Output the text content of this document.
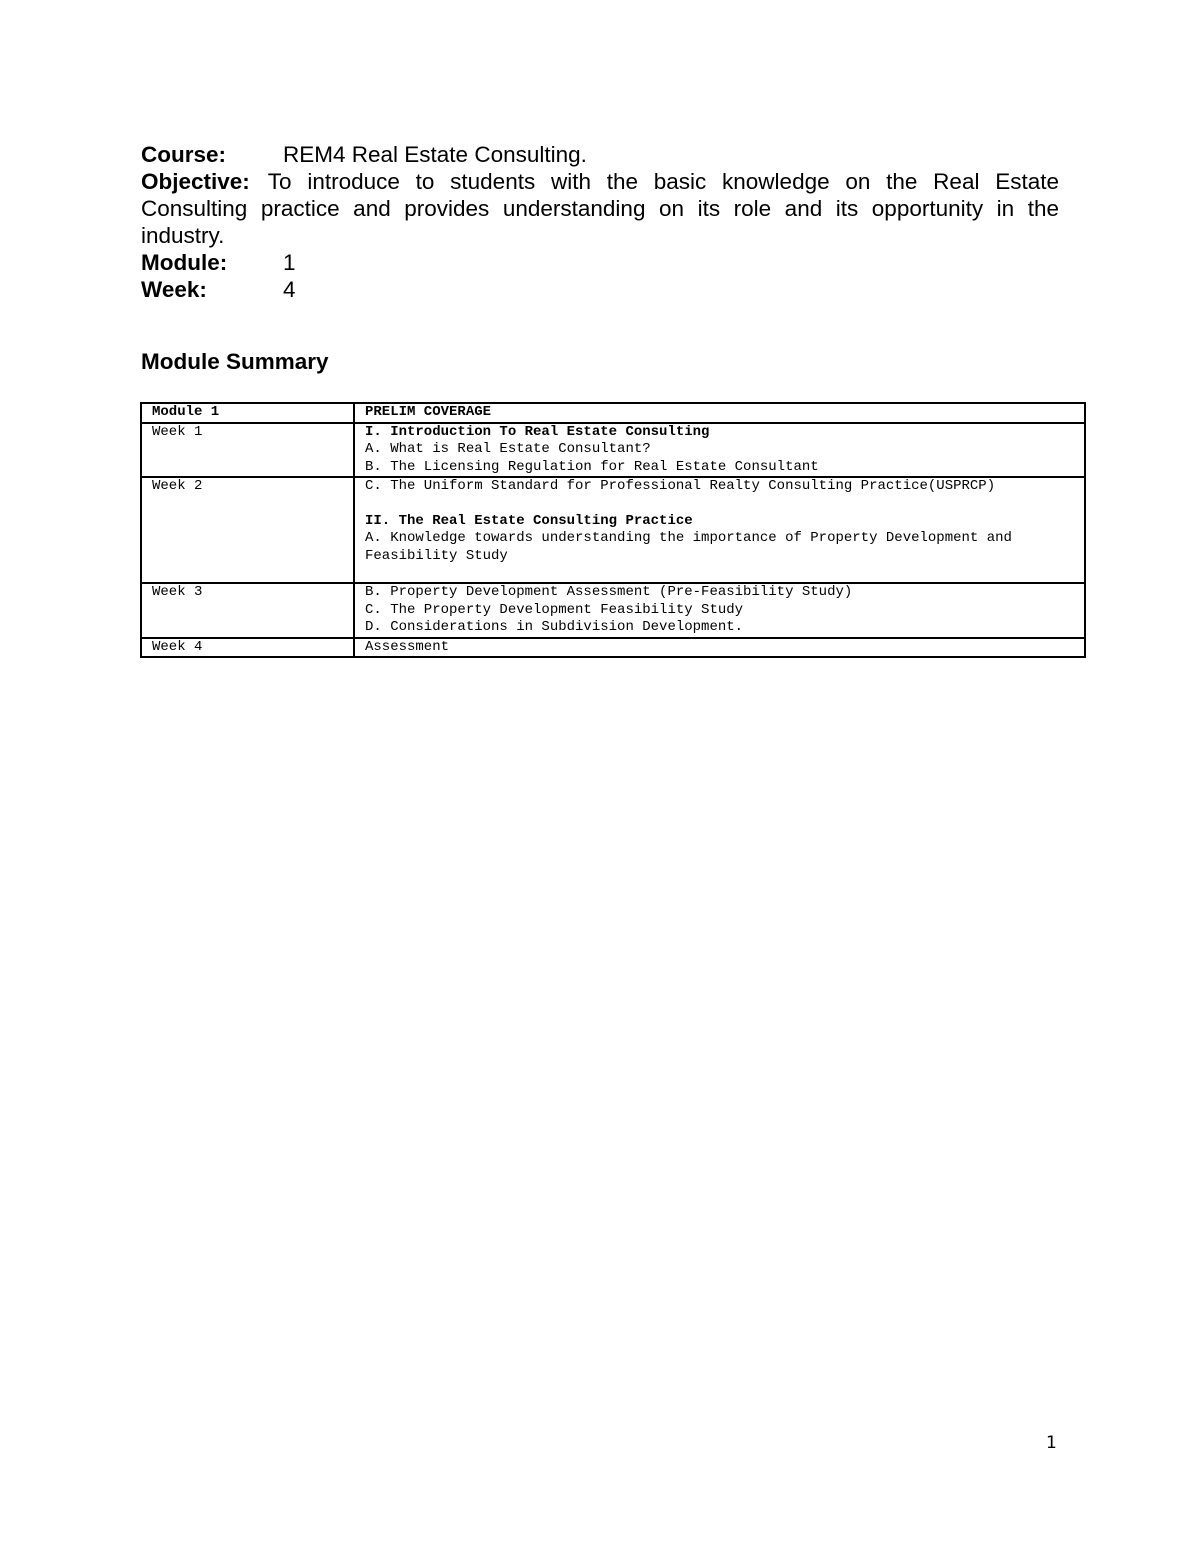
Course:	REM4 Real Estate Consulting.
Objective: To introduce to students with the basic knowledge on the Real Estate Consulting practice and provides understanding on its role and its opportunity in the industry.
Module: 1
Week:	4
Module Summary
Module 1	PRELIM COVERAGE
Week 1	I. Introduction To Real Estate Consulting
A. What is Real Estate Consultant?
B. The Licensing Regulation for Real Estate Consultant

Week 2	C. The Uniform Standard for Professional Realty Consulting Practice(USPRCP)
II. The Real Estate Consulting Practice
A. Knowledge towards understanding the importance of Property Development and Feasibility Study

Week 3	B. Property Development Assessment (Pre-Feasibility Study)
C. The Property Development Feasibility Study
D. Considerations in Subdivision Development.

Week 4	Assessment
1
